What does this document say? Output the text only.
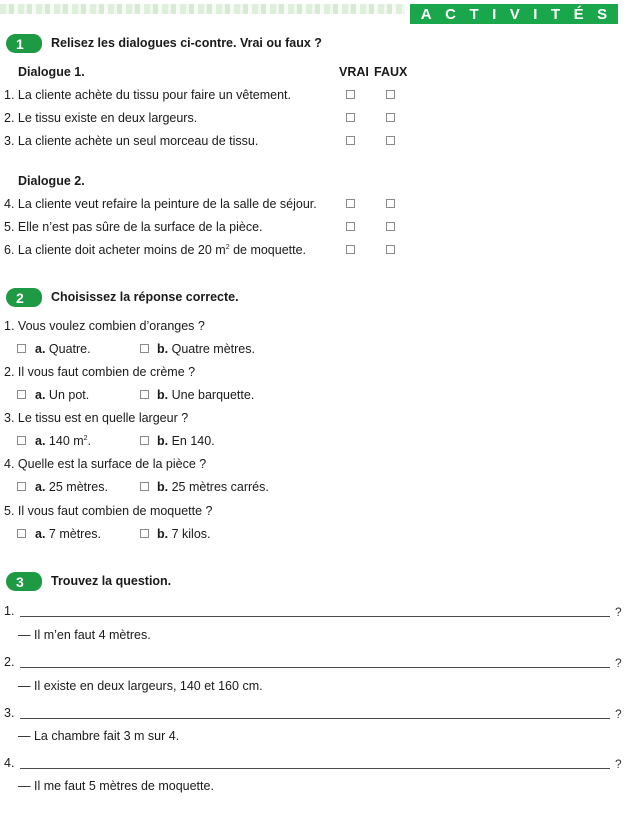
A C T I V I T É S
1 Relisez les dialogues ci-contre. Vrai ou faux ?
Dialogue 1.	VRAI FAUX
1. La cliente achète du tissu pour faire un vêtement.
2. Le tissu existe en deux largeurs.
3. La cliente achète un seul morceau de tissu.
Dialogue 2.
4. La cliente veut refaire la peinture de la salle de séjour.
5. Elle n’est pas sûre de la surface de la pièce.
6. La cliente doit acheter moins de 20 $m^2$ de moquette.
2 Choisissez la réponse correcte.
1. Vous voulez combien d’oranges ?
a. Quatre.	b. Quatre mètres.
2. Il vous faut combien de crème ?
a. Un pot.	b. Une barquette.
3. Le tissu est en quelle largeur ?
a. 140 $m^2$.	b. En 140.
4. Quelle est la surface de la pièce ?
a. 25 mètres.	b. 25 mètres carrés.
5. Il vous faut combien de moquette ?
a. 7 mètres.	b. 7 kilos.
3 Trouvez la question.
1.	?
— Il m’en faut 4 mètres.
2.	?
— Il existe en deux largeurs, 140 et 160 cm.
3.	?
— La chambre fait 3 m sur 4.
4.	?
— Il me faut 5 mètres de moquette.
